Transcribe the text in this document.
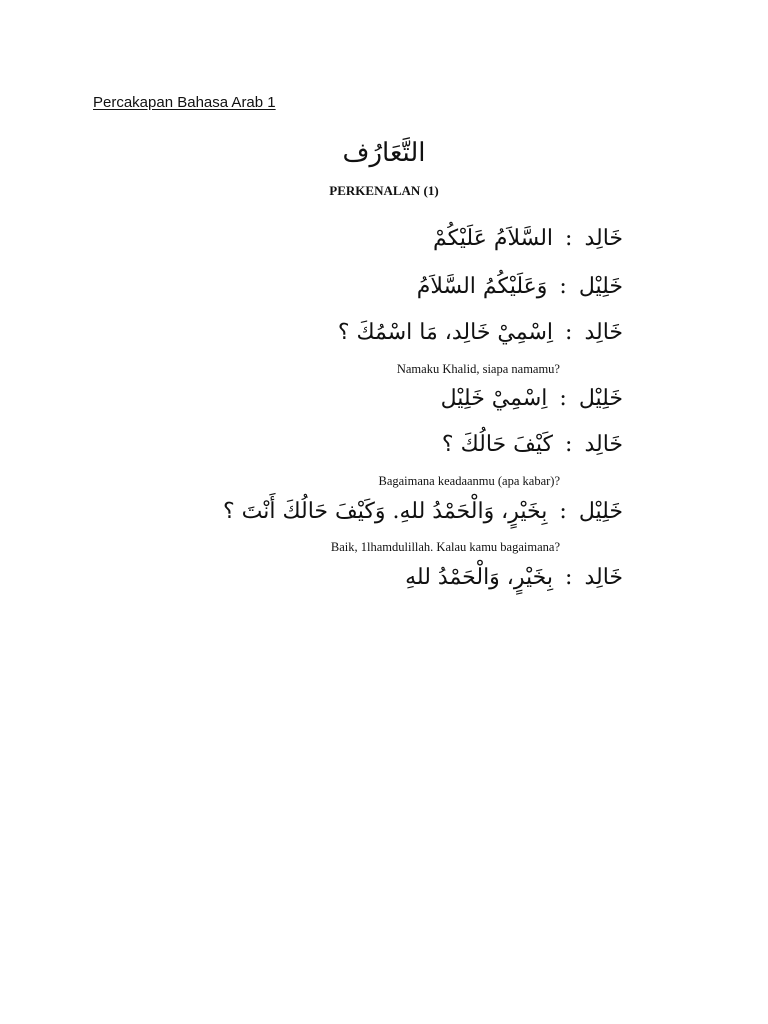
Percakapan Bahasa Arab 1
التَّعَارُف
PERKENALAN (1)
خَالِد:السَّلاَمُ عَلَيْكُمْ
خَلِيْل:وَعَلَيْكُمُ السَّلاَمُ
خَالِد:اِسْمِيْ خَالِد، مَا اسْمُكَ ؟
Namaku Khalid, siapa namamu?
خَلِيْل:اِسْمِيْ خَلِيْل
خَالِد:كَيْفَ حَالُكَ ؟
Bagaimana keadaanmu (apa kabar)?
خَلِيْل:بِخَيْرٍ، وَالْحَمْدُ للهِ. وَكَيْفَ حَالُكَ أَنْتَ ؟
Baik, 1lhamdulillah. Kalau kamu bagaimana?
خَالِد:بِخَيْرٍ، وَالْحَمْدُ للهِ
